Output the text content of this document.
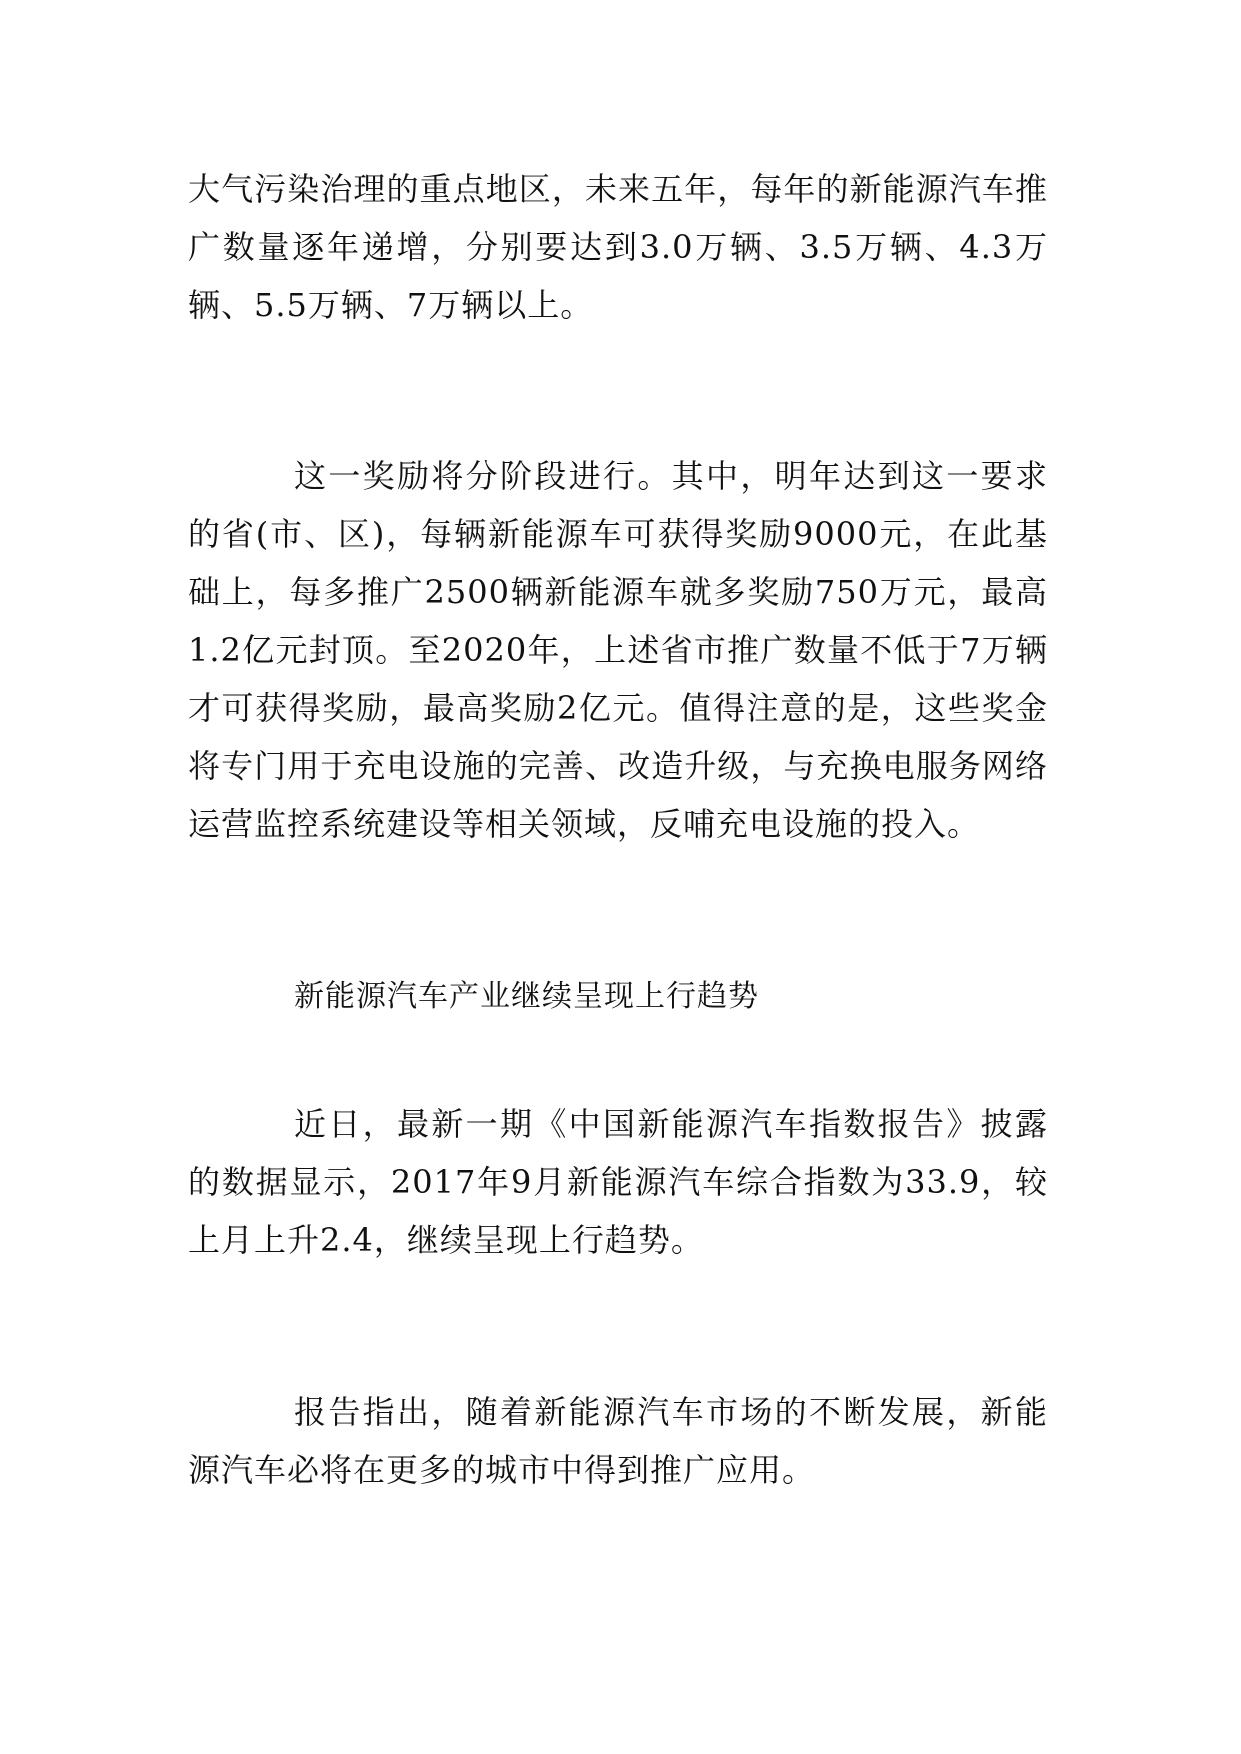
大气污染治理的重点地区，未来五年，每年的新能源汽车推广数量逐年递增，分别要达到3.0万辆、3.5万辆、4.3万辆、5.5万辆、7万辆以上。

这一奖励将分阶段进行。其中，明年达到这一要求的省(市、区)，每辆新能源车可获得奖励9000元，在此基础上，每多推广2500辆新能源车就多奖励750万元，最高1.2亿元封顶。至2020年，上述省市推广数量不低于7万辆才可获得奖励，最高奖励2亿元。值得注意的是，这些奖金将专门用于充电设施的完善、改造升级，与充换电服务网络运营监控系统建设等相关领域，反哺充电设施的投入。

新能源汽车产业继续呈现上行趋势

近日，最新一期《中国新能源汽车指数报告》披露的数据显示，2017年9月新能源汽车综合指数为33.9，较上月上升2.4，继续呈现上行趋势。

报告指出，随着新能源汽车市场的不断发展，新能源汽车必将在更多的城市中得到推广应用。
